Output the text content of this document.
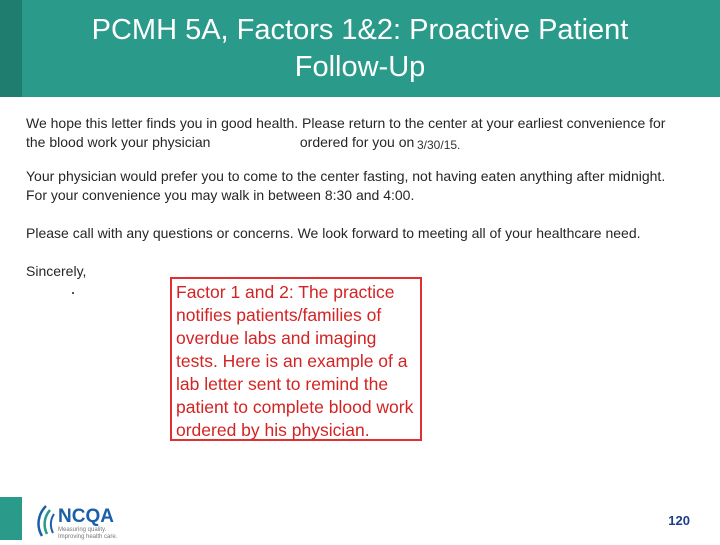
PCMH 5A, Factors 1&2: Proactive Patient
Follow-Up

We hope this letter finds you in good health. Please return to the center at your earliest convenience for
the blood work your physician                       ordered for you on 3/30/15.

Your physician would prefer you to come to the center fasting, not having eaten anything after midnight.
For your convenience you may walk in between 8:30 and 4:00.

Please call with any questions or concerns. We look forward to meeting all of your healthcare need.

Sincerely,

Factor 1 and 2: The practice notifies patients/families of overdue labs and imaging tests. Here is an example of a lab letter sent to remind the patient to complete blood work ordered by his physician.
NCQA
Measuring quality.
Improving health care.
120
